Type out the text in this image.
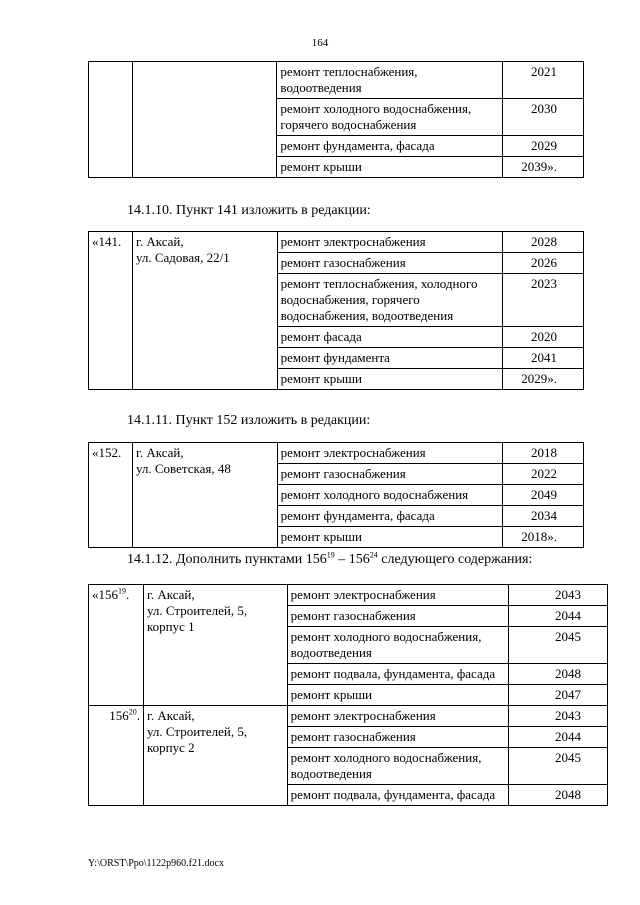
164
		ремонт теплоснабжения, водоотведения	2021
		ремонт холодного водоснабжения, горячего водоснабжения	2030
		ремонт фундамента, фасада	2029
		ремонт крыши	2039».
14.1.10. Пункт 141 изложить в редакции:
«141.	г. Аксай,
ул. Садовая, 22/1	ремонт электроснабжения	2028
		ремонт газоснабжения	2026
		ремонт теплоснабжения, холодного водоснабжения, горячего водоснабжения, водоотведения	2023
		ремонт фасада	2020
		ремонт фундамента	2041
		ремонт крыши	2029».
14.1.11. Пункт 152 изложить в редакции:
«152.	г. Аксай,
ул. Советская, 48	ремонт электроснабжения	2018
		ремонт газоснабжения	2022
		ремонт холодного водоснабжения	2049
		ремонт фундамента, фасада	2034
		ремонт крыши	2018».
14.1.12. Дополнить пунктами $156^{19} - 156^{24}$ следующего содержания:
«$156^{19}$.	г. Аксай,
ул. Строителей, 5,
корпус 1	ремонт электроснабжения	2043
		ремонт газоснабжения	2044
		ремонт холодного водоснабжения, водоотведения	2045
		ремонт подвала, фундамента, фасада	2048
		ремонт крыши	2047
$156^{20}$.	г. Аксай,
ул. Строителей, 5,
корпус 2	ремонт электроснабжения	2043
		ремонт газоснабжения	2044
		ремонт холодного водоснабжения, водоотведения	2045
		ремонт подвала, фундамента, фасада	2048
Y:\ORST\Ppo\1122p960.f21.docx
